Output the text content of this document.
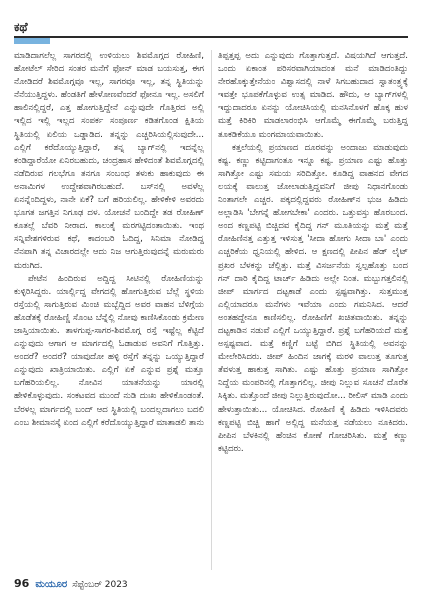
ಕಥೆ

ಮಾಡಿದಾಗಲೆಲ್ಲ ಸಾಗರದಲ್ಲಿ ಉಳಿಯಲು ಶಿವಮೊಗ್ಗದ ರೋಹಿಣಿ, ಹೋಟೆಲ್ ಸೇರಿದ ಸಂತರ ಮನೆಗೆ ಫೋನ್ ಮಾಡ ಬಯಸುತ್ತ, ಈಗ ನೋಡಿದರೆ ಶಿವಮೊಗ್ಗವೂ ಇಲ್ಲ, ಸಾಗರವೂ ಇಲ್ಲ, ತನ್ನ ಸ್ಥಿತಿಯನ್ನು ನೆನೆಯುತ್ತಿದ್ದಳು. ಹೆಂಡತಿಗೆ ಹೇಳೋಣವೆಂದರೆ ಫೋನೂ ಇಲ್ಲ. ಅಸಲಿಗೆ ಹಾಲಿನಲ್ಲಿದ್ದರೆ, ಎತ್ತ ಹೋಗುತ್ತಿದ್ದೇನೆ ಎನ್ನುವುದೇ ಗೊತ್ತಿರದ ಅಲ್ಲಿ ಇಲ್ಲಿದ ಇಲ್ಲಿ ಇಲ್ಲದ ಸಂಪರ್ಕ ಸಂಪೂರ್ಣ ಕಡಿತಗೊಂಡ ಕ್ಷಿತಿಯ ಸ್ಥಿತಿಯಲ್ಲಿ ಏಲಿಯ ಒಡ್ಡಾಡಿದ. ತನ್ನನ್ನು ಎಚ್ಚರಿಸಿಯಲ್ಲಿಸುವುದೇ... ಎಲ್ಲಿಗೆ ಕರೆದೊಯ್ಯುತ್ತಿದ್ದಾರೆ, ತನ್ನ ಬ್ಯಾಗ್‌ನಲ್ಲಿ ಇದನ್ನೆಲ್ಲ ಕಂಡಿದ್ದಾರೆಯೋ ಏನಿರಬಹುದು, ಚಂದ್ರಹಾಸ ಹೇಳಿದಂತೆ ಶಿವಮೊಗ್ಗದಲ್ಲಿ ನಡೆದಿರುವ ಗಲಭೆಗೂ ತನಗೂ ಸಂಬಂಧ ತಳುಕು ಹಾಕುವುದು ಈ ಅನಾಮಿಗಳ ಉದ್ದೇಶವಾಗಿರಬಹುದೆ. ಬಸ್‌ನಲ್ಲಿ ಅವಳೆಲ್ಲ ಏನನ್ನೆಂದಿದ್ದಳು, ನಾನೇ ಏಕೆ? ಬಗೆ ಹರಿಯಲಿಲ್ಲ. ಹೇಳಿಕೇಳಿ ಅವರದು ಭೂಗತ ಜಗತ್ತಿನ ನಿಗೂಢ ದಳ. ಯೋಚನೆ ಬಂದಿದ್ದೇ ತಡ ರೋಹಿಣ್ ಕೂತಲ್ಲೆ ಬೆವರಿ ನೀರಾದ. ಕಾಲುಕೈ ಮರಗಟ್ಟಿದಂತಾಯಿತು. ಇಂಥ ಸನ್ನಿವೇಶಗಳಿರುವ ಕಥೆ, ಕಾದಂಬರಿ ಓದಿದ್ದ, ಸಿನಿಮಾ ನೋಡಿದ್ದ ನೆನಪಾಗಿ ತನ್ನ ವಿಚಾರದಲ್ಲೇ ಆದು ನಿಜ ಆಗುತ್ತಿರುವುದನ್ನೆ ಮರುಮರು ಮರುಗಿದ.

ಪೇಟೆನ ಹಿಂದಿರುವ ಅದ್ದಿದ್ದ ಸೀಟಿನಲ್ಲಿ ರೋಹಿಣಿಯನ್ನು ಕುಳ್ಳಿರಿಸಿದ್ದರು. ಯಾರ್ಲ್ಲಿದ್ದ ವೇಗದಲ್ಲಿ ಹೋಗುತ್ತಿರುವ ಬೆಲ್ಲೆ ಸ್ಥಳಿಯ ರಸ್ತೆಯಲ್ಲಿ ಸಾಗುತ್ತಿರುವ ಮಿಂಚಿ ಮಬ್ಬೆದ್ದಿದ ಅವರ ವಾಹನ ಬೆಳಿಗ್ಗೆಯ ಹೊಡೆತಕ್ಕೆ ರೋಹಿಣ್ಣಿ ಸೊಂಟ ಬೆನ್ನೆಲ್ಲಿ ನೋವು ಕಾಣಿಸಿಕೊಂಡು ಕ್ರಮೇಣ ಜಾಸ್ತಿಯಾಯಿತು. ತಾಳಗುಪ್ಪ-ಸಾಗರ-ಶಿವಮೊಗ್ಗ ರಸ್ತೆ ಇಷ್ಟೆಲ್ಲ ಕೆಟ್ಟಿದೆ ಎನ್ನುವುದು ಆಗಾಗ ಆ ಮಾರ್ಗದಲ್ಲಿ ಓಡಾಡುವ ಅವನಿಗೆ ಗೊತ್ತಿತ್ತು. ಅಂದರೆ? ಅಂದರೆ? ಯಾವುದೋ ಹಳ್ಳಿ ರಸ್ತೆಗೆ ತನ್ನನ್ನು ಒಯ್ಯುತ್ತಿದ್ದಾರೆ ಎನ್ನುವುದು ಖಾತ್ರಿಯಾಯಿತು. ಎಲ್ಲಿಗೆ ಏಕೆ ಎನ್ನುವ ಪ್ರಶ್ನೆ ಮತ್ತೂ ಬಗೆಹರಿಯಲಿಲ್ಲ. ನೋವಿನ ಯಾತನೆಯನ್ನು ಯಾರಲ್ಲಿ ಹೇಳಿಕೊಳ್ಳುವುದು. ಸಂಕಟವದ ಮುಂದೆ ನುಡಿ ದುಃಖ ಹೇಳಿಕೊಂಡಂತೆ. ಬೆರಳಲ್ಲ ಮಾರ್ಗದಲ್ಲಿ ಬಂದ್ ಆದ ಸ್ಥಿತಿಯಲ್ಲಿ ಬಂದಲ್ಲದಾಗಲು ಬದಲಿ ಎಂಬ ಶೀಮಾನಸ್ಕೆ ಏಂದ ಎಲ್ಲಿಗೆ ಕರೆದೊಯ್ಯುತ್ತಿದ್ದಾರೆ ಮಾತಾಡಲಿ ತಾನು

ತಿಪ್ಪತ್ತಪ್ಪ ಅದು ಎನ್ನುವುದು ಗೊತ್ತಾಗುತ್ತದೆ. ವಿಷಯಗಿದೆ ಆಗುತ್ತದೆ. ಒಂದು ಏಕಾಂತ ಪರಿಸರವಾಗಿಯಾದಂತ ಮನೆ ಮಾಡಿದಂತಿದ್ದು ನೇರಹೊಕ್ಕುತ್ತೇನೆಯಂ ವಿಶ್ವಾಸದಲ್ಲಿ ನಾಳೆ ಸಿಗಬಹುದಾದ ಸ್ವಾತಂತ್ರ್ಯಕ್ಕೆ ಇವತ್ತೇ ಭೂಪಕೆಗೊಳ್ಳುವ ಉತ್ಸ ಮಾಡಿದ. ಹೌದು, ಆ ಬ್ಯಾಗ್‌ಗಳಲ್ಲಿ ಇದ್ದುದಾದರೂ ಏನನ್ನು ಯೋಚಿಸಿಯಲ್ಲಿ ಮನಸಿನೊಳಗೆ ಹೊಕ್ಕ ಹುಳ ಮತ್ತೆ ಕಿರಿಕಿರಿ ಮಾಡಲಾರಂಭಿಸಿ ಆಗೊಮ್ಮೆ ಈಗೊಮ್ಮೆ ಬರುತ್ತಿದ್ದ ತೂಕಡಿಕೆಯೂ ಮಂಗಮಾಯವಾಯಿತು.

ಕತ್ತಲೆಯಲ್ಲಿ ಪ್ರಯಾಣದ ದೂರವನ್ನು ಅಂದಾಜು ಮಾಡುವುದು ಕಷ್ಟ. ಕಣ್ಣು ಕಟ್ಟಿದಾಗಂತೂ ಇನ್ನೂ ಕಷ್ಟ. ಪ್ರಯಾಣ ಎಷ್ಟು ಹೊತ್ತು ಸಾಗಿತ್ತೋ ಎಷ್ಟು ಸಮಯ ಸರಿದಿತ್ತೋ. ಕೂಡಿದ್ದ ವಾಹನದ ವೇಗದ ಲಯಕ್ಕೆ ವಾಲುತ್ತ ಜೋಲಾಡುತ್ತಿದ್ದವನಿಗೆ ಜೀಪು ನಿಧಾನಗೊಂಡು ನಿಂತಾಗಲೇ ಎಚ್ಚರ. ಪಕ್ಕದಲ್ಲಿದ್ದವರು ರೋಹಿಣ್‌ನ ಭುಜ ಹಿಡಿದು ಅಲ್ಲಾಡಿಸಿ 'ಬೇಗನ್ನೆ ಹೋಗಬೇಕಾ' ಎಂದರು. ಒತ್ತುವಸ್ತು ಹೊರಬಂದ. ಅಂದ ಕಣ್ಣಪಟ್ಟಿ ಬಿಚ್ಚಿದವ ಕೈದಿದ್ದ ಗನ್ ಮೂತಿಯನ್ನು ಮತ್ತೆ ಮತ್ತೆ ರೋಹಿಣಿನತ್ತ ಎತ್ತುತ್ತ ಇಳಿಸುತ್ತ 'ಸೀದಾ ಹೋಗು ಸೀದಾ ಬಾ' ಎಂದು ಎಚ್ಚರಿಕೆಯ ಧ್ವನಿಯಲ್ಲಿ ಹೇಳಿದ. ಆ ಕ್ಷಣದಲ್ಲಿ ಪೀಪಿನ ಹೆಡ್ ಲೈಟ್ ಪ್ರಖರ ಬೆಳಕನ್ನು ಚೆಲ್ಲಿತ್ತು. ಮತ್ತೆ ವಿಸರ್ಜನೆಯ ಸ್ವಲ್ಪಹೊತ್ತು ಬಂದ ಗನ್ ದಾರಿ ಕೈದಿದ್ದ ಟಾರ್ಚ್ ಹಿಡಿದು ಅಲ್ಲೇ ನಿಂತ. ಮಬ್ಬುಗತ್ತಲಿನಲ್ಲಿ ಜೀಪ್ ಮಾರ್ಗದ ದಟ್ಟಕಾಡೆ ಎಂದು ಸ್ಪಷ್ಟವಾಗಿತ್ತು. ಸುತ್ತಮುತ್ತ ಎಲ್ಲಿಯಾದರೂ ಮನೆಗಳು ಇವೆಯಾ ಎಂದು ಗಮನಿಸಿದ. ಆದರೆ ಅಂತಹದ್ದೇನೂ ಕಾಣಿಸಲಿಲ್ಲ. ರೋಹಿಣಿಗೆ ಖಚಿತವಾಯಿತು. ತನ್ನನ್ನು ದಟ್ಟಕಾಡಿನ ನಡುವೆ ಎಲ್ಲಿಗೆ ಒಯ್ಯುತ್ತಿದ್ದಾರೆ. ಪ್ರಶ್ನೆ ಬಗೆಹರಿಯದೆ ಮತ್ತೆ ಅಸ್ಪಷ್ಟವಾದ. ಮತ್ತೆ ಕಣ್ಣಿಗೆ ಬಟ್ಟೆ ಬಿಗಿದ ಸ್ಥಿತಿಯಲ್ಲಿ ಅವನನ್ನು ಮೇಲೇರಿಸಿದರು. ಜೀಪ್ ಹಿಂದಿನ ಜಾಗಕ್ಕೆ ಮರಳಿ ವಾಲುತ್ತ ತೂಗುತ್ತ ತೆವಳುತ್ತ ಹಾಕುತ್ತ ಸಾಗಿತು. ಎಷ್ಟು ಹೊತ್ತು ಪ್ರಯಾಣ ಸಾಗಿತ್ತೋ ನಿದ್ದೆಯ ಮಂಪರಿನಲ್ಲಿ ಗೊತ್ತಾಗಲಿಲ್ಲ. ಜೀಪು ನಿಲ್ಲುವ ಸೂಚನೆ ದೊರೆತ ಸಿಕ್ಕಿತು. ಮತ್ತೊಂದೆ ಜೀಪು ನಿಲ್ಲುತ್ತಿರುವುದೋ... ರೀಲಿಸ್ ಮಾಡಿ ಎಂದು ಹೇಳುತ್ತಾಯಿತು... ಯೋಚಿಸಿದ. ರೋಹಿಣಿ ಕೈ ಹಿಡಿದು ಇಳಿಸಿದವರು ಕಣ್ಣಪಟ್ಟಿ ಬಿಚ್ಚಿ ಹಾಗೆ ಅಲ್ಲಿದ್ದ ಮನೆಯತ್ತ ನಡೆಯಲು ನೂಕಿದರು. ಪೀಪಿನ ಬೆಳಕಿನಲ್ಲಿ ಹೆಂಚಿನ ಕೋಣೆ ಗೋಚರಿಸಿತು. ಮತ್ತೆ ಕಣ್ಣು ಕಟ್ಟಿದರು.

96 ಮಯೂರ ಸೆಪ್ಟೆಂಬರ್ 2023
